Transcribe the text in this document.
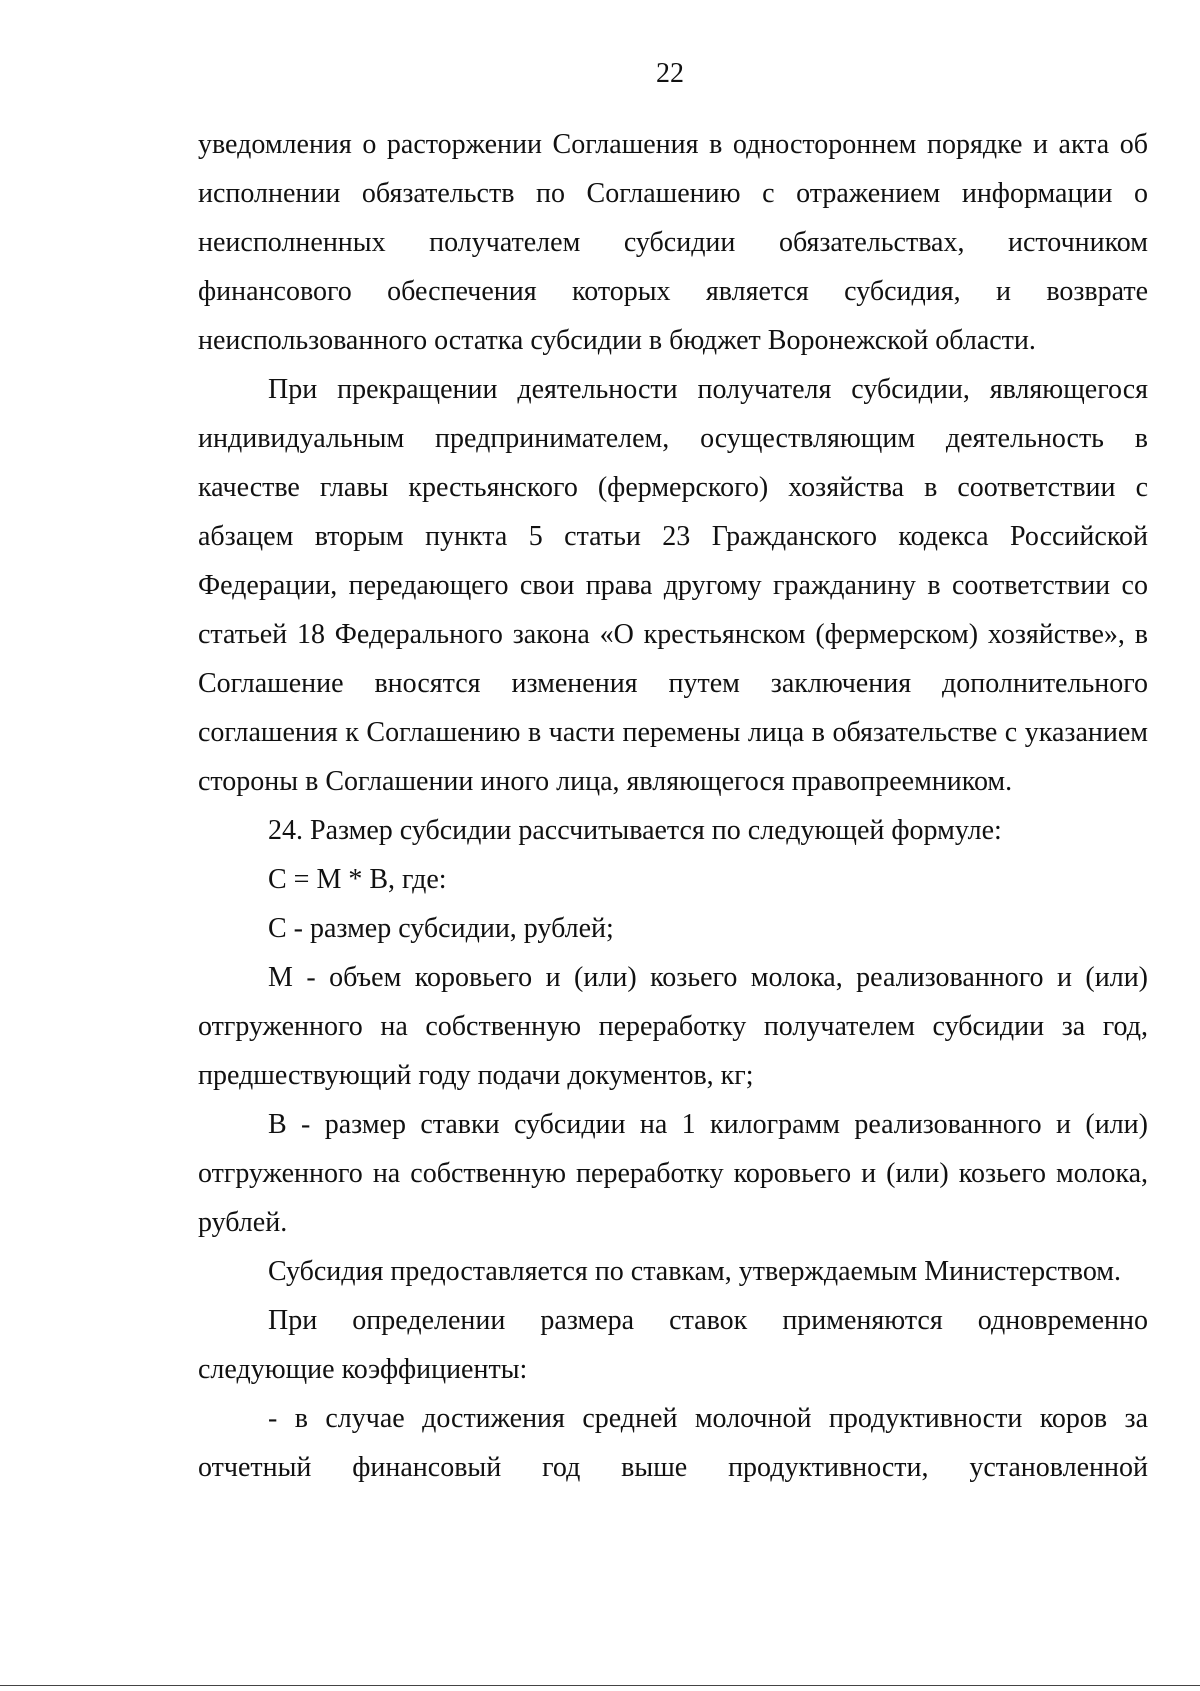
22

уведомления о расторжении Соглашения в одностороннем порядке и акта об исполнении обязательств по Соглашению с отражением информации о неисполненных получателем субсидии обязательствах, источником финансового обеспечения которых является субсидия, и возврате неиспользованного остатка субсидии в бюджет Воронежской области.

При прекращении деятельности получателя субсидии, являющегося индивидуальным предпринимателем, осуществляющим деятельность в качестве главы крестьянского (фермерского) хозяйства в соответствии с абзацем вторым пункта 5 статьи 23 Гражданского кодекса Российской Федерации, передающего свои права другому гражданину в соответствии со статьей 18 Федерального закона «О крестьянском (фермерском) хозяйстве», в Соглашение вносятся изменения путем заключения дополнительного соглашения к Соглашению в части перемены лица в обязательстве с указанием стороны в Соглашении иного лица, являющегося правопреемником.

24. Размер субсидии рассчитывается по следующей формуле:

С = М * В, где:

С - размер субсидии, рублей;

М - объем коровьего и (или) козьего молока, реализованного и (или) отгруженного на собственную переработку получателем субсидии за год, предшествующий году подачи документов, кг;

В - размер ставки субсидии на 1 килограмм реализованного и (или) отгруженного на собственную переработку коровьего и (или) козьего молока, рублей.

Субсидия предоставляется по ставкам, утверждаемым Министерством.

При определении размера ставок применяются одновременно следующие коэффициенты:

- в случае достижения средней молочной продуктивности коров за отчетный финансовый год выше продуктивности, установленной
